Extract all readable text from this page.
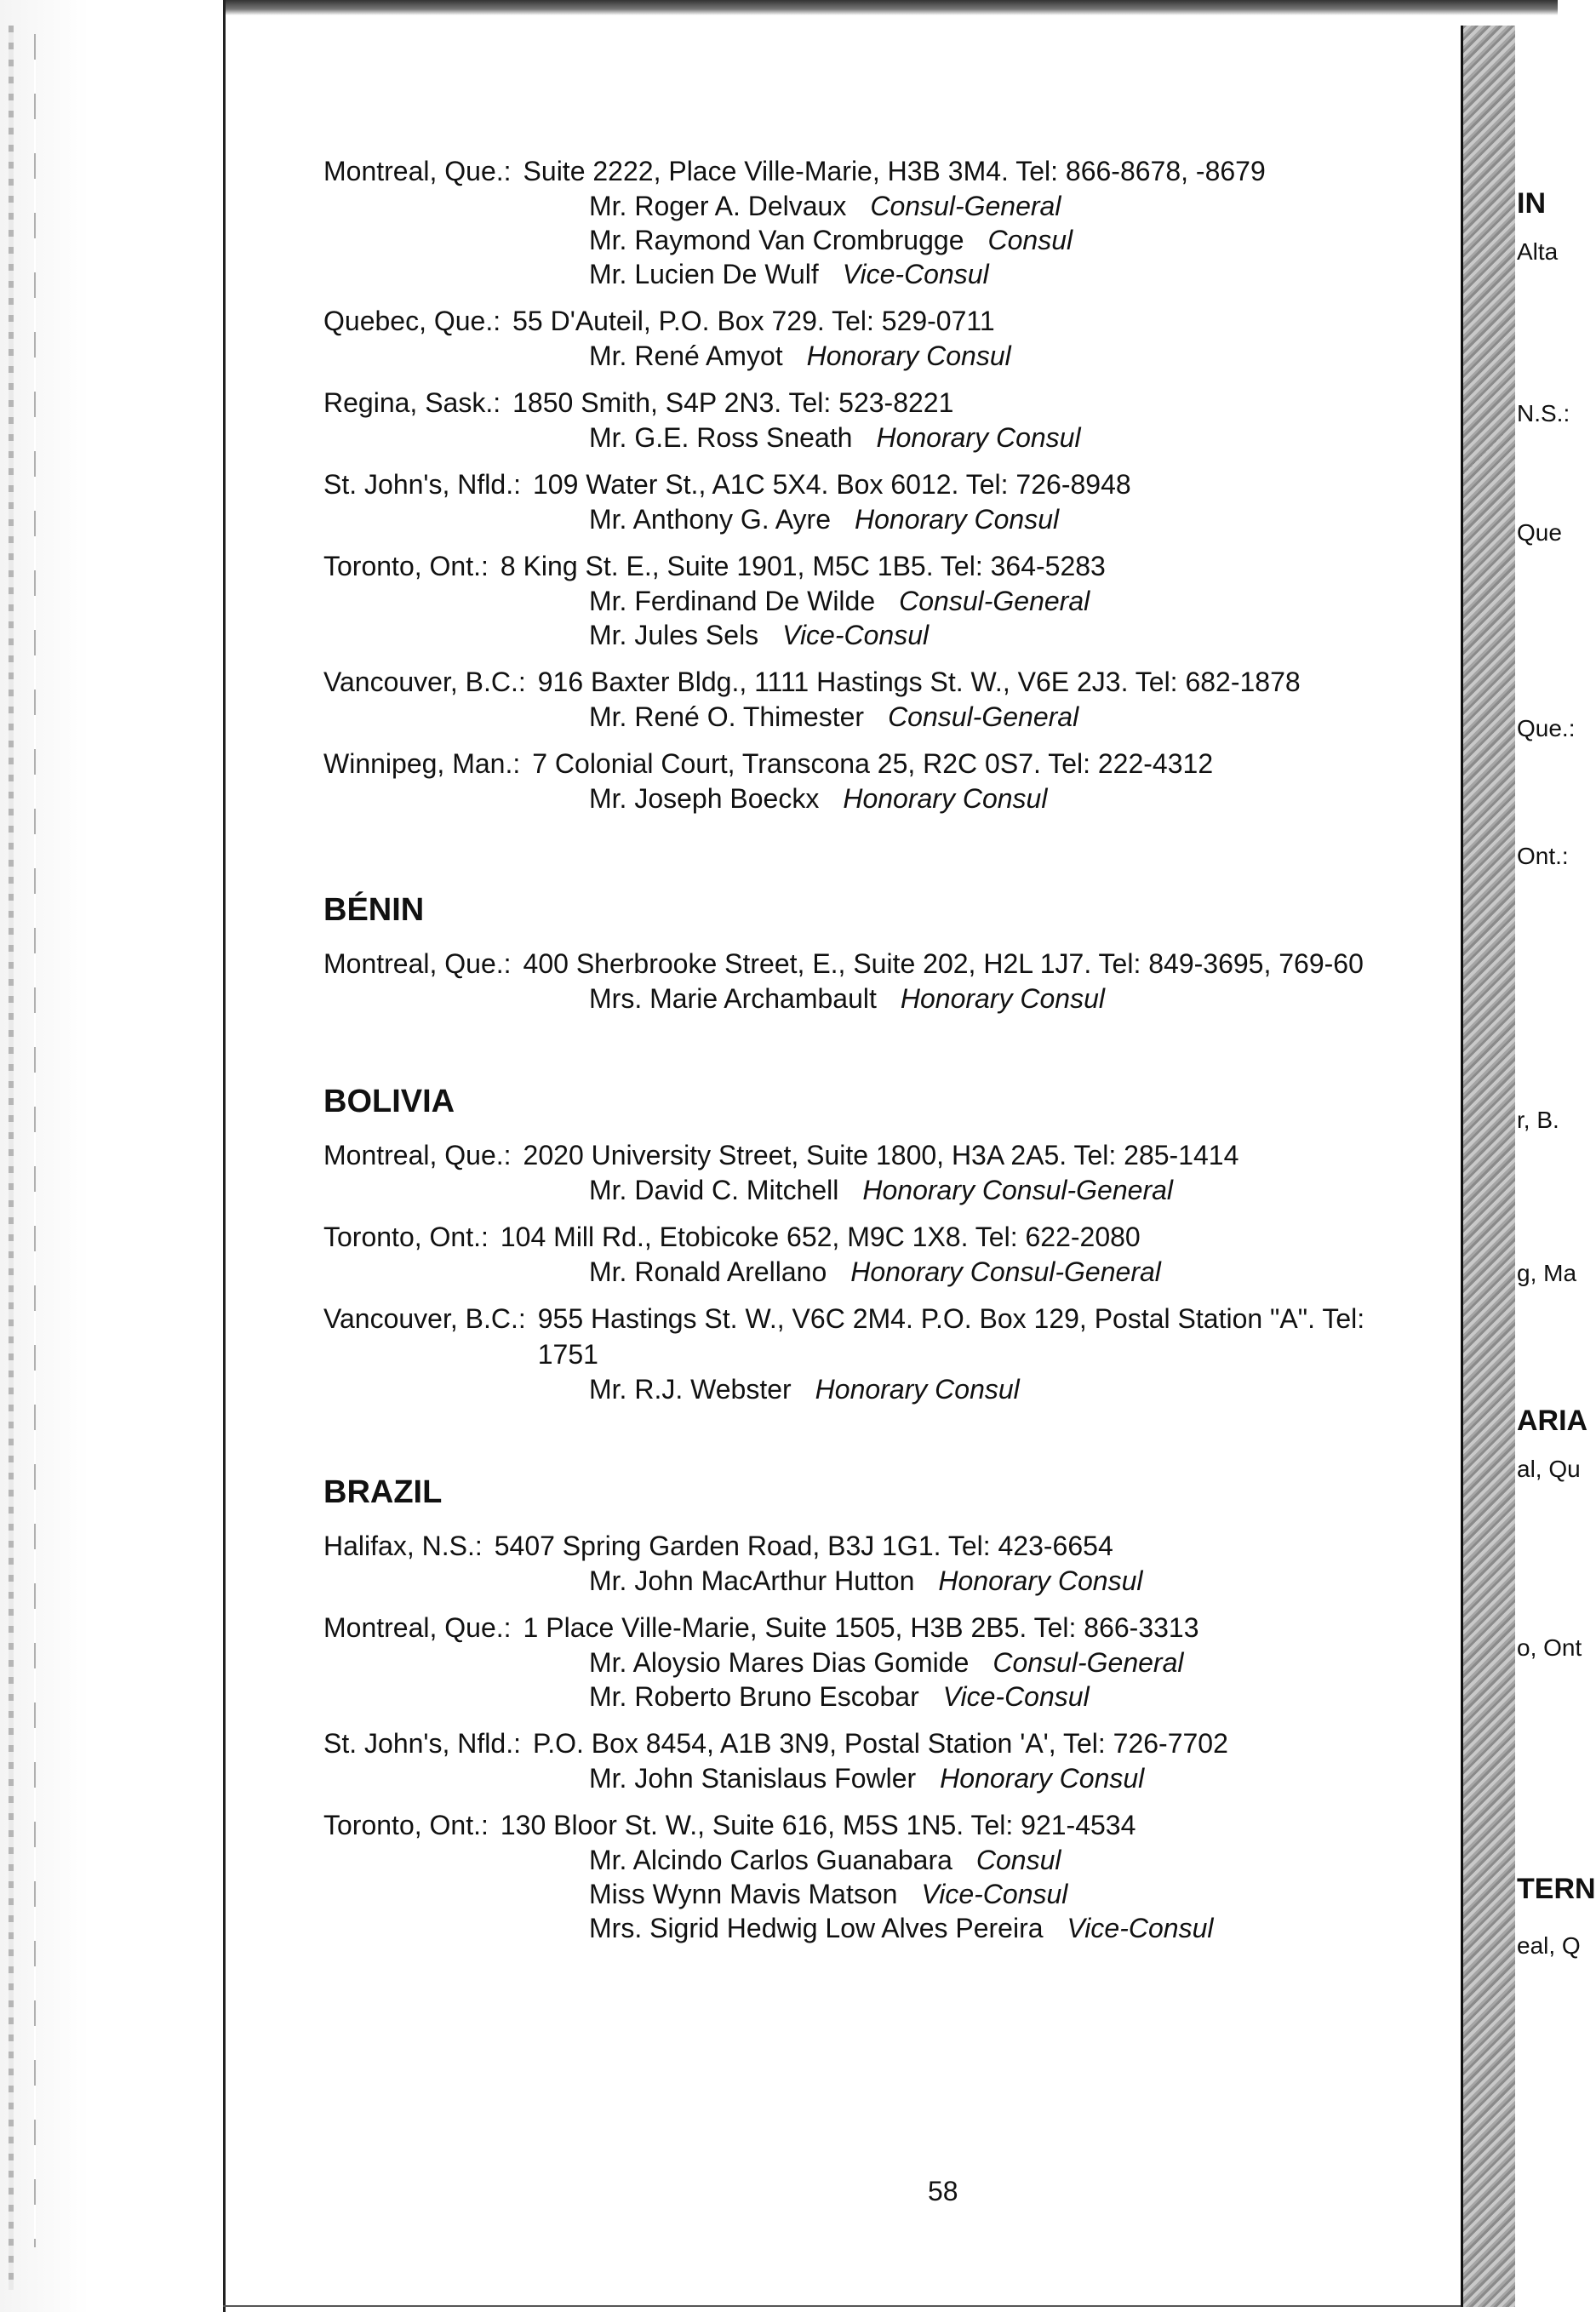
IN
Alta
N.S.:
Que
Que.:
Ont.:
r, B.
g, Ma
ARIA
al, Qu
o, Ont
TERN
eal, Q
Montreal, Que.: Suite 2222, Place Ville-Marie, H3B 3M4. Tel: 866-8678, -8679
Mr. Roger A. Delvaux Consul-General
Mr. Raymond Van Crombrugge Consul
Mr. Lucien De Wulf Vice-Consul
Quebec, Que.: 55 D'Auteil, P.O. Box 729. Tel: 529-0711
Mr. René Amyot Honorary Consul
Regina, Sask.: 1850 Smith, S4P 2N3. Tel: 523-8221
Mr. G.E. Ross Sneath Honorary Consul
St. John's, Nfld.: 109 Water St., A1C 5X4. Box 6012. Tel: 726-8948
Mr. Anthony G. Ayre Honorary Consul
Toronto, Ont.: 8 King St. E., Suite 1901, M5C 1B5. Tel: 364-5283
Mr. Ferdinand De Wilde Consul-General
Mr. Jules Sels Vice-Consul
Vancouver, B.C.: 916 Baxter Bldg., 1111 Hastings St. W., V6E 2J3. Tel: 682-1878
Mr. René O. Thimester Consul-General
Winnipeg, Man.: 7 Colonial Court, Transcona 25, R2C 0S7. Tel: 222-4312
Mr. Joseph Boeckx Honorary Consul
BÉNIN
Montreal, Que.: 400 Sherbrooke Street, E., Suite 202, H2L 1J7. Tel: 849-3695, 769-60
Mrs. Marie Archambault Honorary Consul
BOLIVIA
Montreal, Que.: 2020 University Street, Suite 1800, H3A 2A5. Tel: 285-1414
Mr. David C. Mitchell Honorary Consul-General
Toronto, Ont.: 104 Mill Rd., Etobicoke 652, M9C 1X8. Tel: 622-2080
Mr. Ronald Arellano Honorary Consul-General
Vancouver, B.C.: 955 Hastings St. W., V6C 2M4. P.O. Box 129, Postal Station "A". Tel: 1751
Mr. R.J. Webster Honorary Consul
BRAZIL
Halifax, N.S.: 5407 Spring Garden Road, B3J 1G1. Tel: 423-6654
Mr. John MacArthur Hutton Honorary Consul
Montreal, Que.: 1 Place Ville-Marie, Suite 1505, H3B 2B5. Tel: 866-3313
Mr. Aloysio Mares Dias Gomide Consul-General
Mr. Roberto Bruno Escobar Vice-Consul
St. John's, Nfld.: P.O. Box 8454, A1B 3N9, Postal Station 'A', Tel: 726-7702
Mr. John Stanislaus Fowler Honorary Consul
Toronto, Ont.: 130 Bloor St. W., Suite 616, M5S 1N5. Tel: 921-4534
Mr. Alcindo Carlos Guanabara Consul
Miss Wynn Mavis Matson Vice-Consul
Mrs. Sigrid Hedwig Low Alves Pereira Vice-Consul
58
